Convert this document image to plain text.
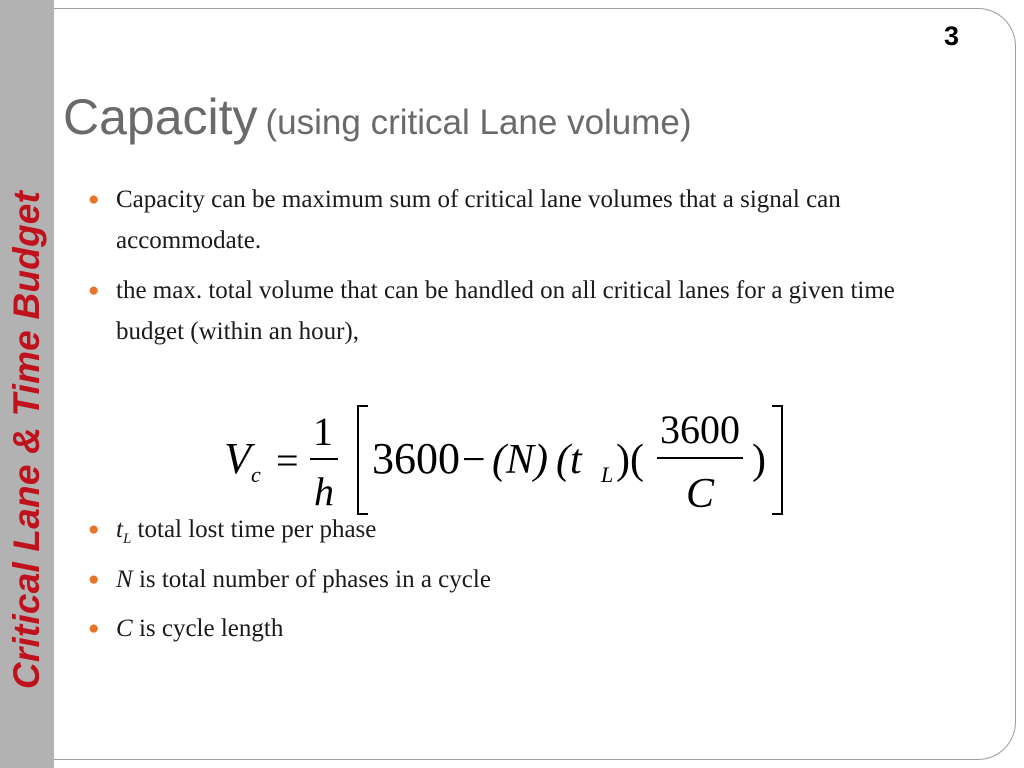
Critical Lane & Time Budget
3
Capacity (using critical Lane volume)
● Capacity can be maximum sum of critical lane volumes that a signal can accommodate.
● the max. total volume that can be handled on all critical lanes for a given time budget (within an hour),
V c =
1
h
3600 − (N) (t L )(
3600
C
)
● $t_L$ total lost time per phase
● N is total number of phases in a cycle
● C is cycle length
